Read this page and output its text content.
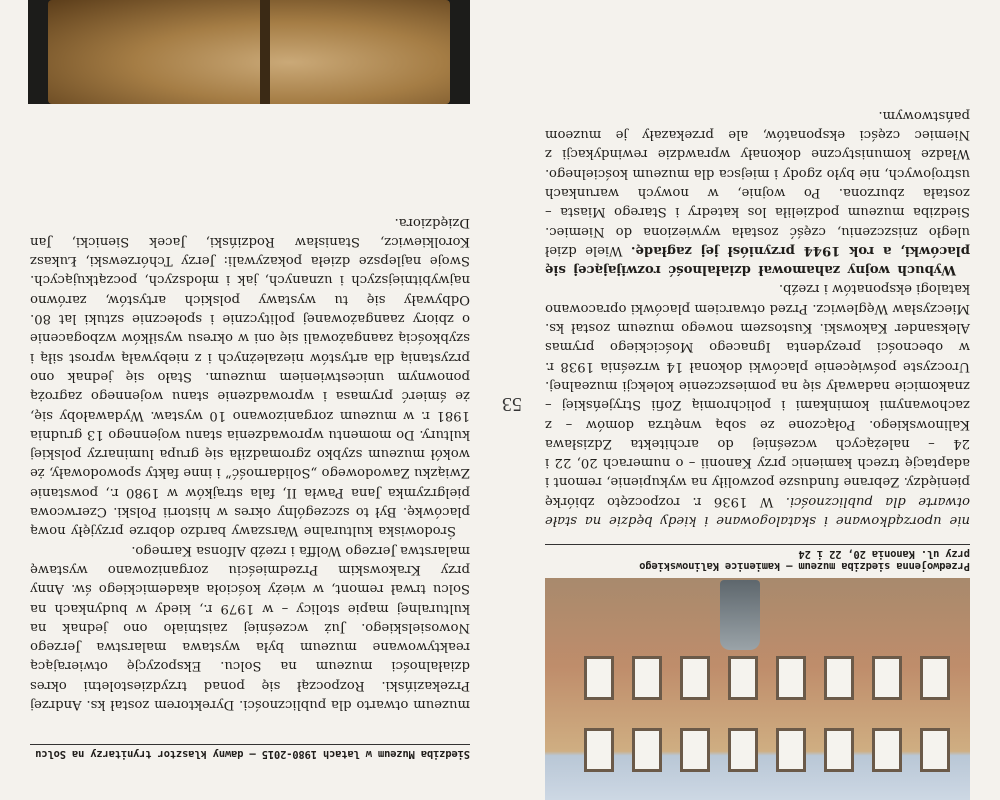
Przedwojenna siedziba muzeum – kamienice Kalinowskiego
przy ul. Kanonia 20, 22 i 24

nie uporządkowane i skatalogowane i kiedy będzie na stałe otwarte dla publiczności. W 1936 r. rozpoczęto zbiórkę pieniędzy. Zebrane fundusze pozwoliły na wykupienie, remont i adaptację trzech kamienic przy Kanonii – o numerach 20, 22 i 24 – należących wcześniej do architekta Zdzisława Kalinowskiego. Połączone ze sobą wnętrza domów – z zachowanymi kominkami i polichromią Zofii Stryjeńskiej – znakomicie nadawały się na pomieszczenie kolekcji muzealnej. Uroczyste poświęcenie placówki dokonał 14 września 1938 r. w obecności prezydenta Ignacego Mościckiego prymas Aleksander Kakowski. Kustoszem nowego muzeum został ks. Mieczysław Węglewicz. Przed otwarciem placówki opracowano katalogi eksponatów i rzeźb.

Wybuch wojny zahamował działalność rozwijającej się placówki, a rok 1944 przyniósł jej zagładę. Wiele dzieł uległo zniszczeniu, część została wywieziona do Niemiec. Siedziba muzeum podzieliła los katedry i Starego Miasta – została zburzona. Po wojnie, w nowych warunkach ustrojowych, nie było zgody i miejsca dla muzeum kościelnego. Władze komunistyczne dokonały wprawdzie rewindykacji z Niemiec części eksponatów, ale przekazały je muzeom państwowym.

53
Siedziba Muzeum w latach 1980-2015 – dawny klasztor trynitarzy na Solcu

muzeum otwarto dla publiczności. Dyrektorem został ks. Andrzej Przekaziński. Rozpoczął się ponad trzydziestoletni okres działalności muzeum na Solcu. Ekspozycję otwierającą reaktywowane muzeum była wystawa malarstwa Jerzego Nowosielskiego. Już wcześniej zaistniało ono jednak na kulturalnej mapie stolicy – w 1979 r., kiedy w budynkach na Solcu trwał remont, w wieży kościoła akademickiego św. Anny przy Krakowskim Przedmieściu zorganizowano wystawę malarstwa Jerzego Wolffa i rzeźb Alfonsa Karnego.

Środowiska kulturalne Warszawy bardzo dobrze przyjęły nową placówkę. Był to szczególny okres w historii Polski. Czerwcowa pielgrzymka Jana Pawła II, fala strajków w 1980 r., powstanie Związku Zawodowego „Solidarność” i inne fakty spowodowały, że wokół muzeum szybko zgromadziła się grupa luminarzy polskiej kultury. Do momentu wprowadzenia stanu wojennego 13 grudnia 1981 r. w muzeum zorganizowano 10 wystaw. Wydawałoby się, że śmierć prymasa i wprowadzenie stanu wojennego zagrożą ponownym unicestwieniem muzeum. Stało się jednak ono przystanią dla artystów niezależnych i z niebywałą wprost siłą i szybkością zaangażowali się oni w okresu wysiłków wzbogacenie o zbiory zaangażowanej politycznie i społecznie sztuki lat 80. Odbywały się tu wystawy polskich artystów, zarówno najwybitniejszych i uznanych, jak i młodszych, początkujących. Swoje najlepsze dzieła pokazywali: Jerzy Tchórzewski, Łukasz Korolkiewicz, Stanisław Rodziński, Jacek Sienicki, Jan Dziędziora.
